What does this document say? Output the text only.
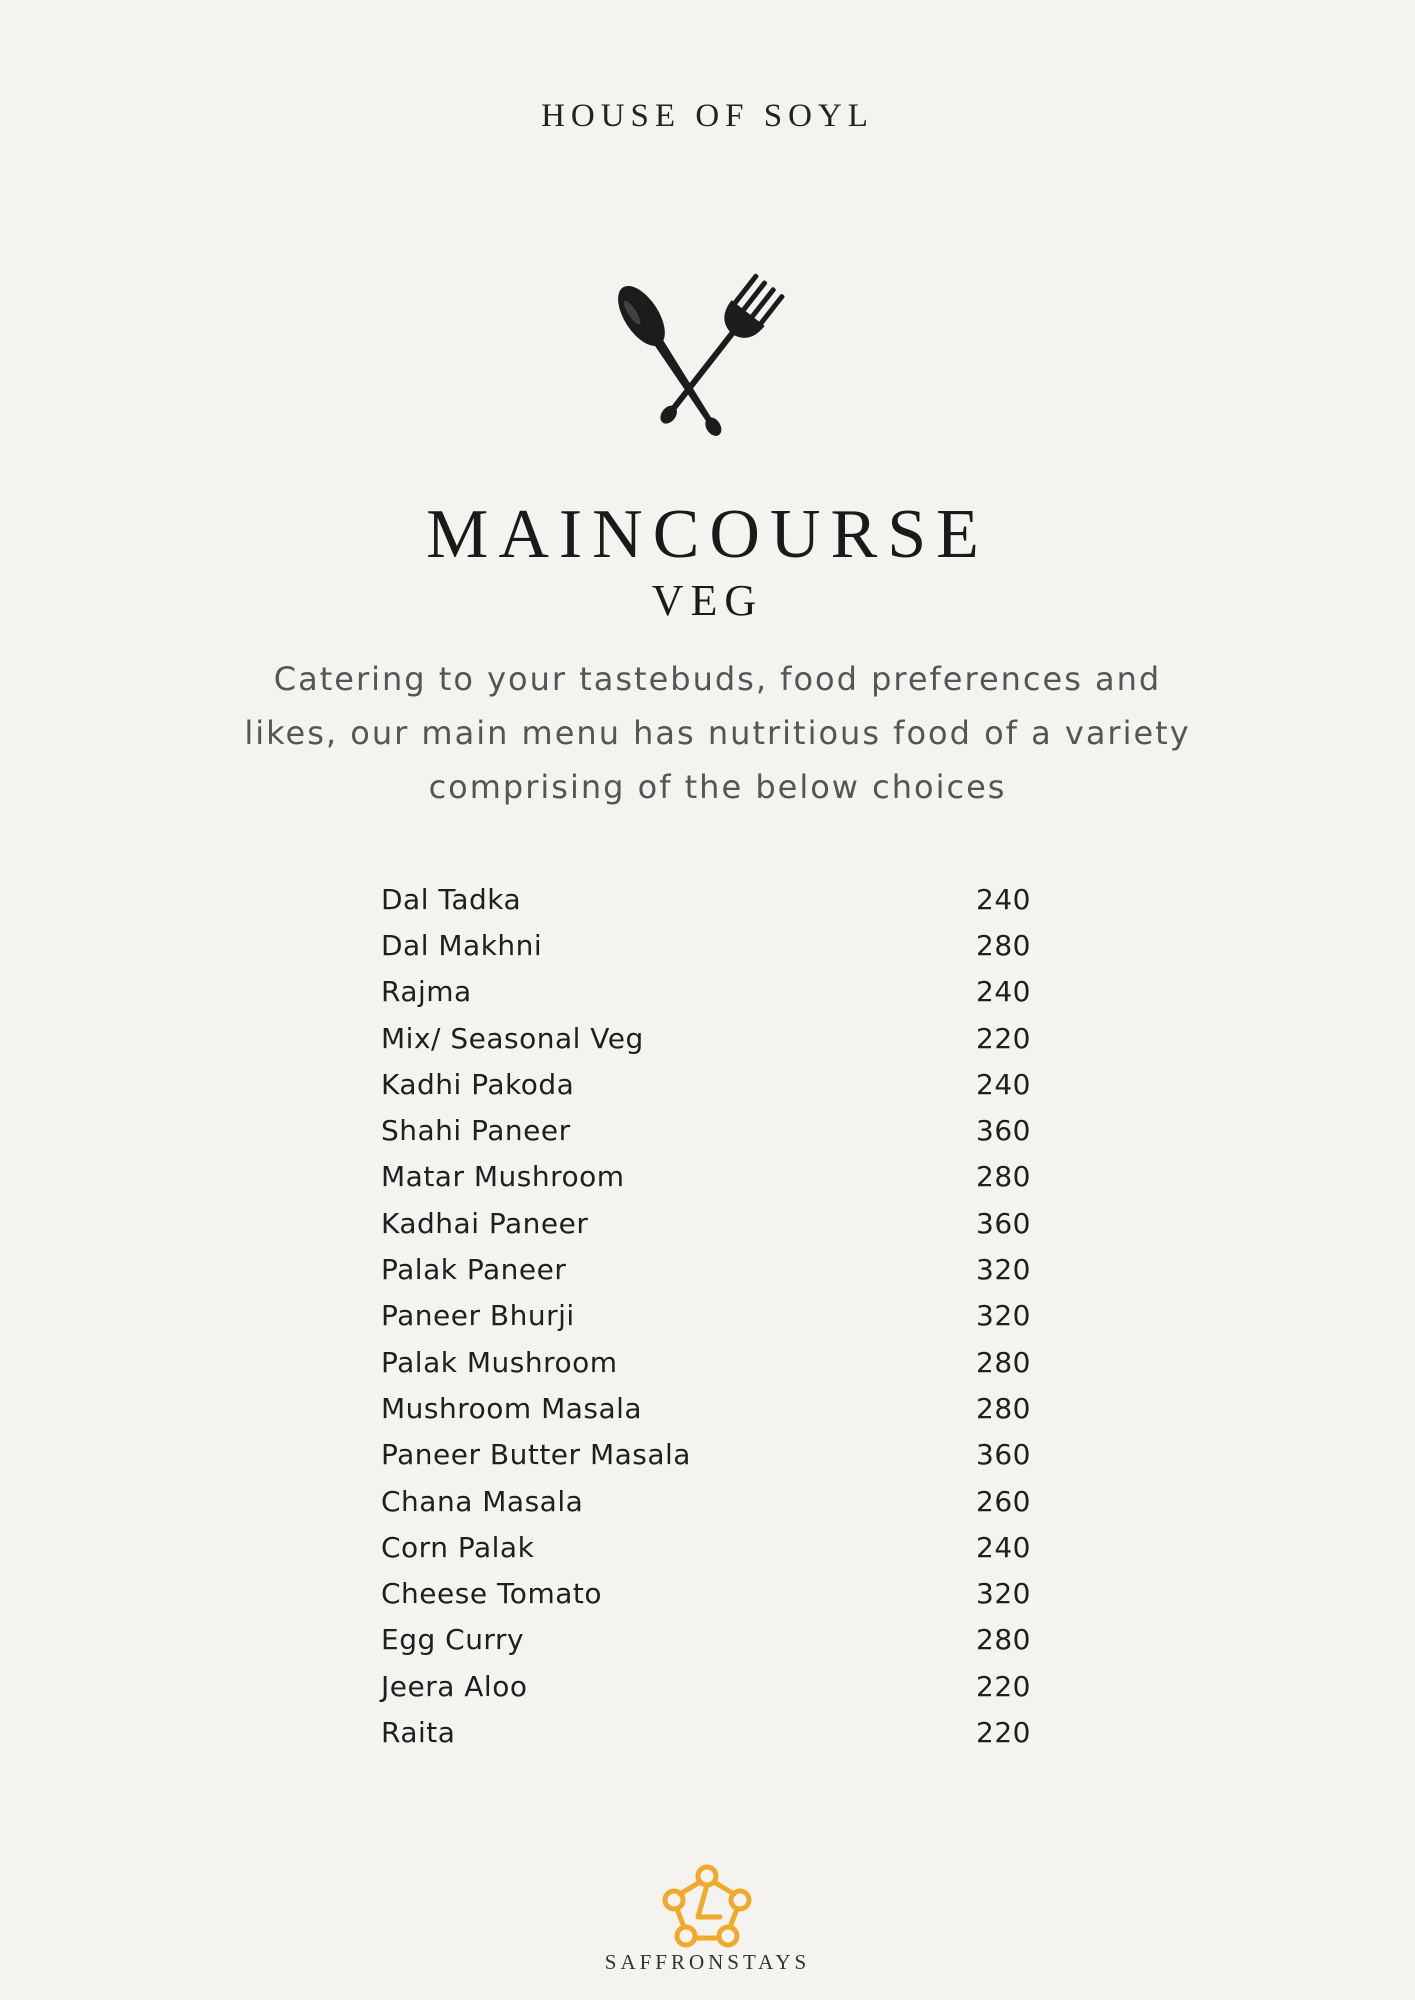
HOUSE OF SOYL
MAINCOURSE
VEG
Catering to your tastebuds, food preferences and
likes, our main menu has nutritious food of a variety
comprising of the below choices
Dal Tadka	240
Dal Makhni	280
Rajma	240
Mix/ Seasonal Veg	220
Kadhi Pakoda	240
Shahi Paneer	360
Matar Mushroom	280
Kadhai Paneer	360
Palak Paneer	320
Paneer Bhurji	320
Palak Mushroom	280
Mushroom Masala	280
Paneer Butter Masala	360
Chana Masala	260
Corn Palak	240
Cheese Tomato	320
Egg Curry	280
Jeera Aloo	220
Raita	220
SAFFRONSTAYS
